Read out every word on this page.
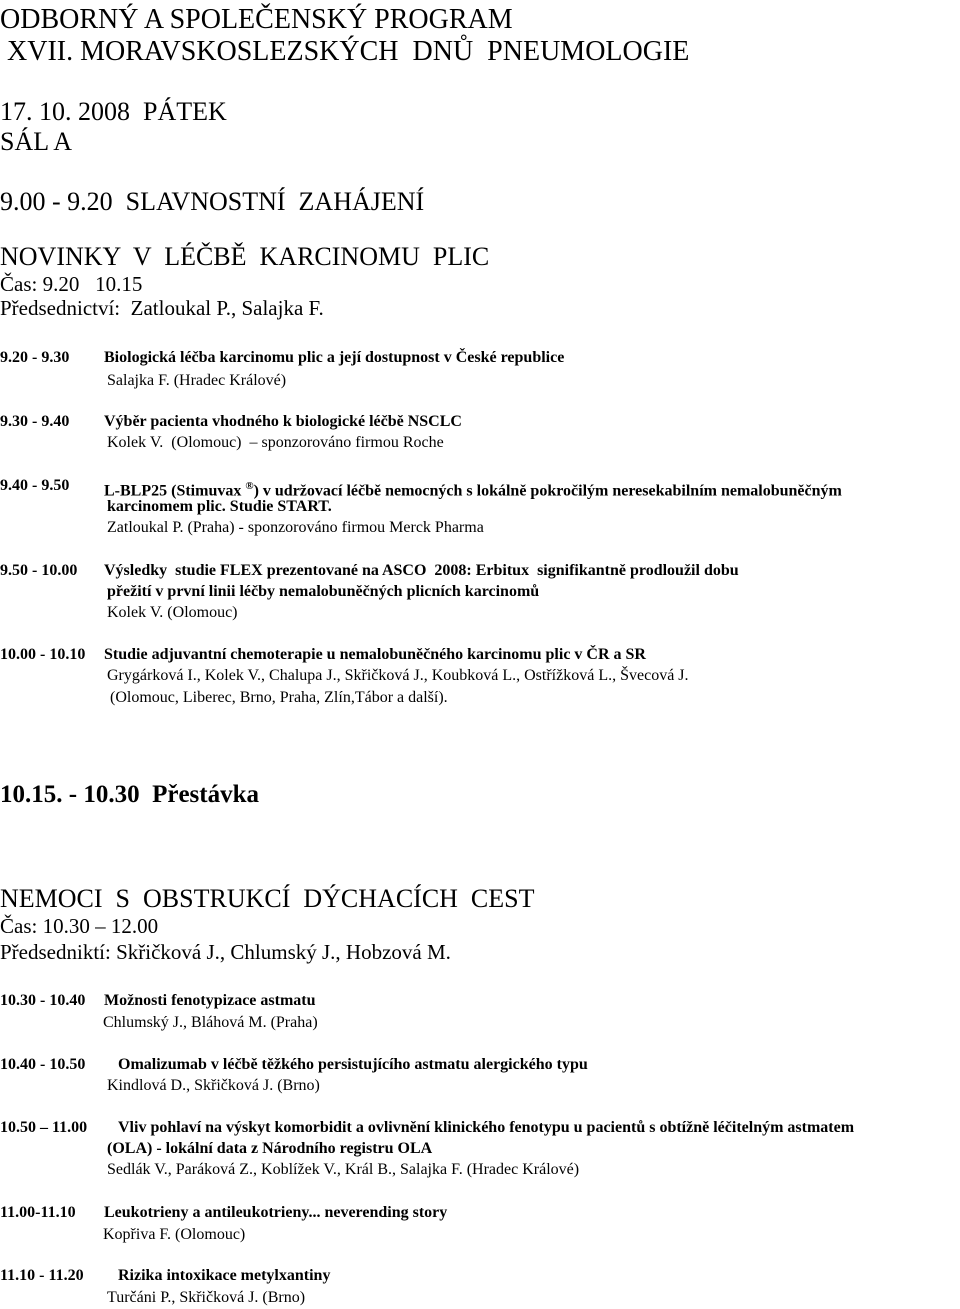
ODBORNÝ A SPOLEČENSKÝ PROGRAM
XVII. MORAVSKOSLEZSKÝCH  DNŮ  PNEUMOLOGIE
17. 10. 2008  PÁTEK
SÁL A
9.00 - 9.20  SLAVNOSTNÍ  ZAHÁJENÍ
NOVINKY  V  LÉČBĚ  KARCINOMU  PLIC
Čas: 9.20   10.15
Předsednictví:  Zatloukal P., Salajka F.
9.20 - 9.30 Biologická léčba karcinomu plic a její dostupnost v České republice
Salajka F. (Hradec Králové)
9.30 - 9.40 Výběr pacienta vhodného k biologické léčbě NSCLC
Kolek V.  (Olomouc)  – sponzorováno firmou Roche
9.40 - 9.50 L-BLP25 (Stimuvax ®) v udržovací léčbě nemocných s lokálně pokročilým neresekabilním nemalobuněčným
karcinomem plic. Studie START.
Zatloukal P. (Praha) - sponzorováno firmou Merck Pharma
9.50 - 10.00 Výsledky  studie FLEX prezentované na ASCO  2008: Erbitux  signifikantně prodloužil dobu
přežití v první linii léčby nemalobuněčných plicních karcinomů
Kolek V. (Olomouc)
10.00 - 10.10 Studie adjuvantní chemoterapie u nemalobuněčného karcinomu plic v ČR a SR
Grygárková I., Kolek V., Chalupa J., Skřičková J., Koubková L., Ostřížková L., Švecová J.
(Olomouc, Liberec, Brno, Praha, Zlín,Tábor a další).
10.15. - 10.30  Přestávka
NEMOCI  S  OBSTRUKCÍ  DÝCHACÍCH  CEST
Čas: 10.30 – 12.00
Předsedniktí: Skřičková J., Chlumský J., Hobzová M.
10.30 - 10.40 Možnosti fenotypizace astmatu
Chlumský J., Bláhová M. (Praha)
10.40 - 10.50 Omalizumab v léčbě těžkého persistujícího astmatu alergického typu
Kindlová D., Skřičková J. (Brno)
10.50 – 11.00 Vliv pohlaví na výskyt komorbidit a ovlivnění klinického fenotypu u pacientů s obtížně léčitelným astmatem
(OLA) - lokální data z Národního registru OLA
Sedlák V., Paráková Z., Koblížek V., Král B., Salajka F. (Hradec Králové)
11.00-11.10 Leukotrieny a antileukotrieny... neverending story
Kopřiva F. (Olomouc)
11.10 - 11.20 Rizika intoxikace metylxantiny
Turčáni P., Skřičková J. (Brno)
